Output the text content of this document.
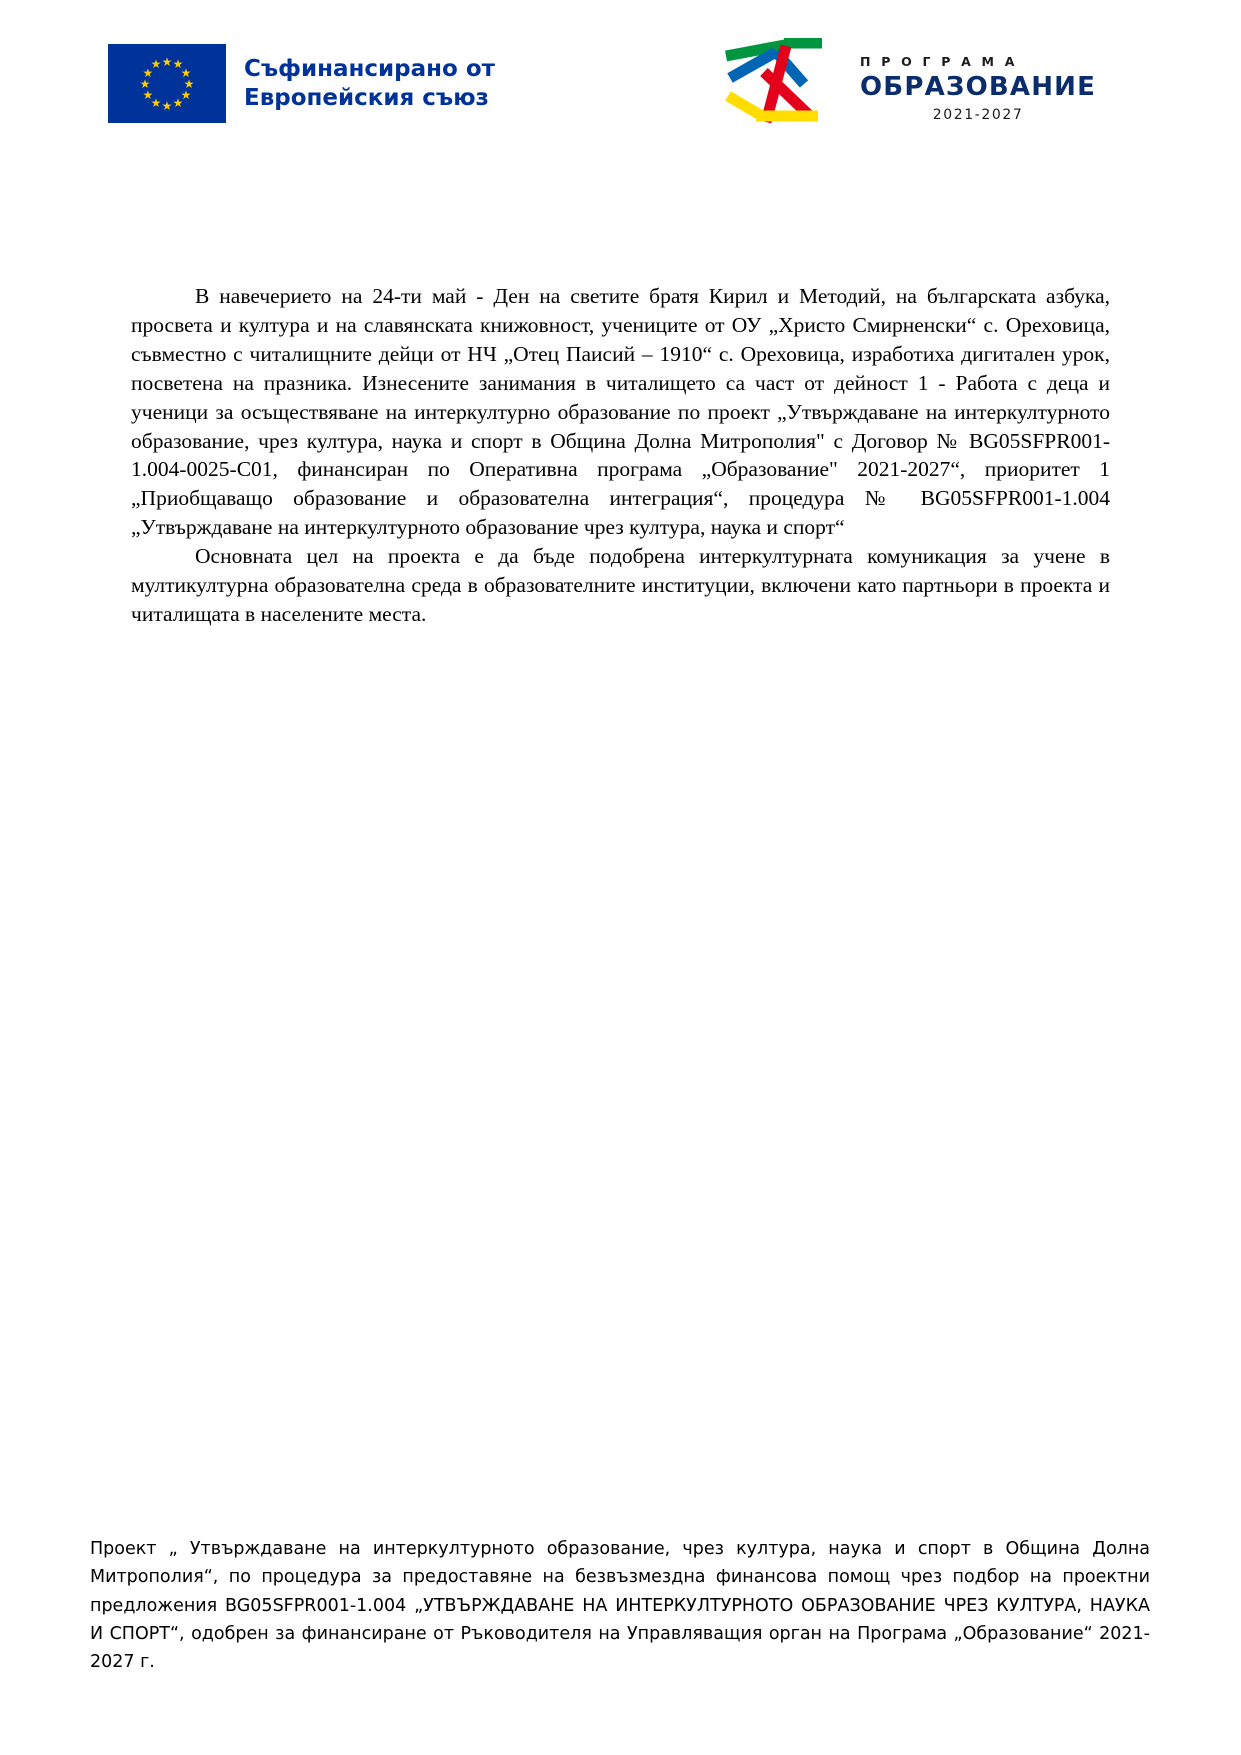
★ ★
★
★
★
★
★
★
★
★
★
★	Съфинансирано от
Европейския съюз
П Р О Г Р А М А
ОБРАЗОВАНИЕ
2021-2027

В навечерието на 24-ти май - Ден на светите братя Кирил и Методий, на българската азбука, просвета и култура и на славянската книжовност, учениците от ОУ „Христо Смирненски“ с. Ореховица, съвместно с читалищните дейци от НЧ „Отец Паисий – 1910“ с. Ореховица, изработиха дигитален урок, посветена на празника. Изнесените занимания в читалището са част от дейност 1 - Работа с деца и ученици за осъществяване на интеркултурно образование по проект „Утвърждаване на интеркултурното образование, чрез култура, наука и спорт в Община Долна Митрополия" с Договор № BG05SFPR001-1.004-0025-C01, финансиран по Оперативна програма „Образование" 2021-2027“, приоритет 1 „Приобщаващо образование и образователна интеграция“, процедура № BG05SFPR001-1.004 „Утвърждаване на интеркултурното образование чрез култура, наука и спорт“

Основната цел на проекта е да бъде подобрена интеркултурната комуникация за учене в мултикултурна образователна среда в образователните институции, включени като партньори в проекта и читалищата в населените места.

Проект „ Утвърждаване на интеркултурното образование, чрез култура, наука и спорт в Община Долна Митрополия“, по процедура за предоставяне на безвъзмездна финансова помощ чрез подбор на проектни предложения BG05SFPR001-1.004 „УТВЪРЖДАВАНЕ НА ИНТЕРКУЛТУРНОТО ОБРАЗОВАНИЕ ЧРЕЗ КУЛТУРА, НАУКА И СПОРТ“, одобрен за финансиране от Ръководителя на Управляващия орган на Програма „Образование“ 2021-2027 г.
